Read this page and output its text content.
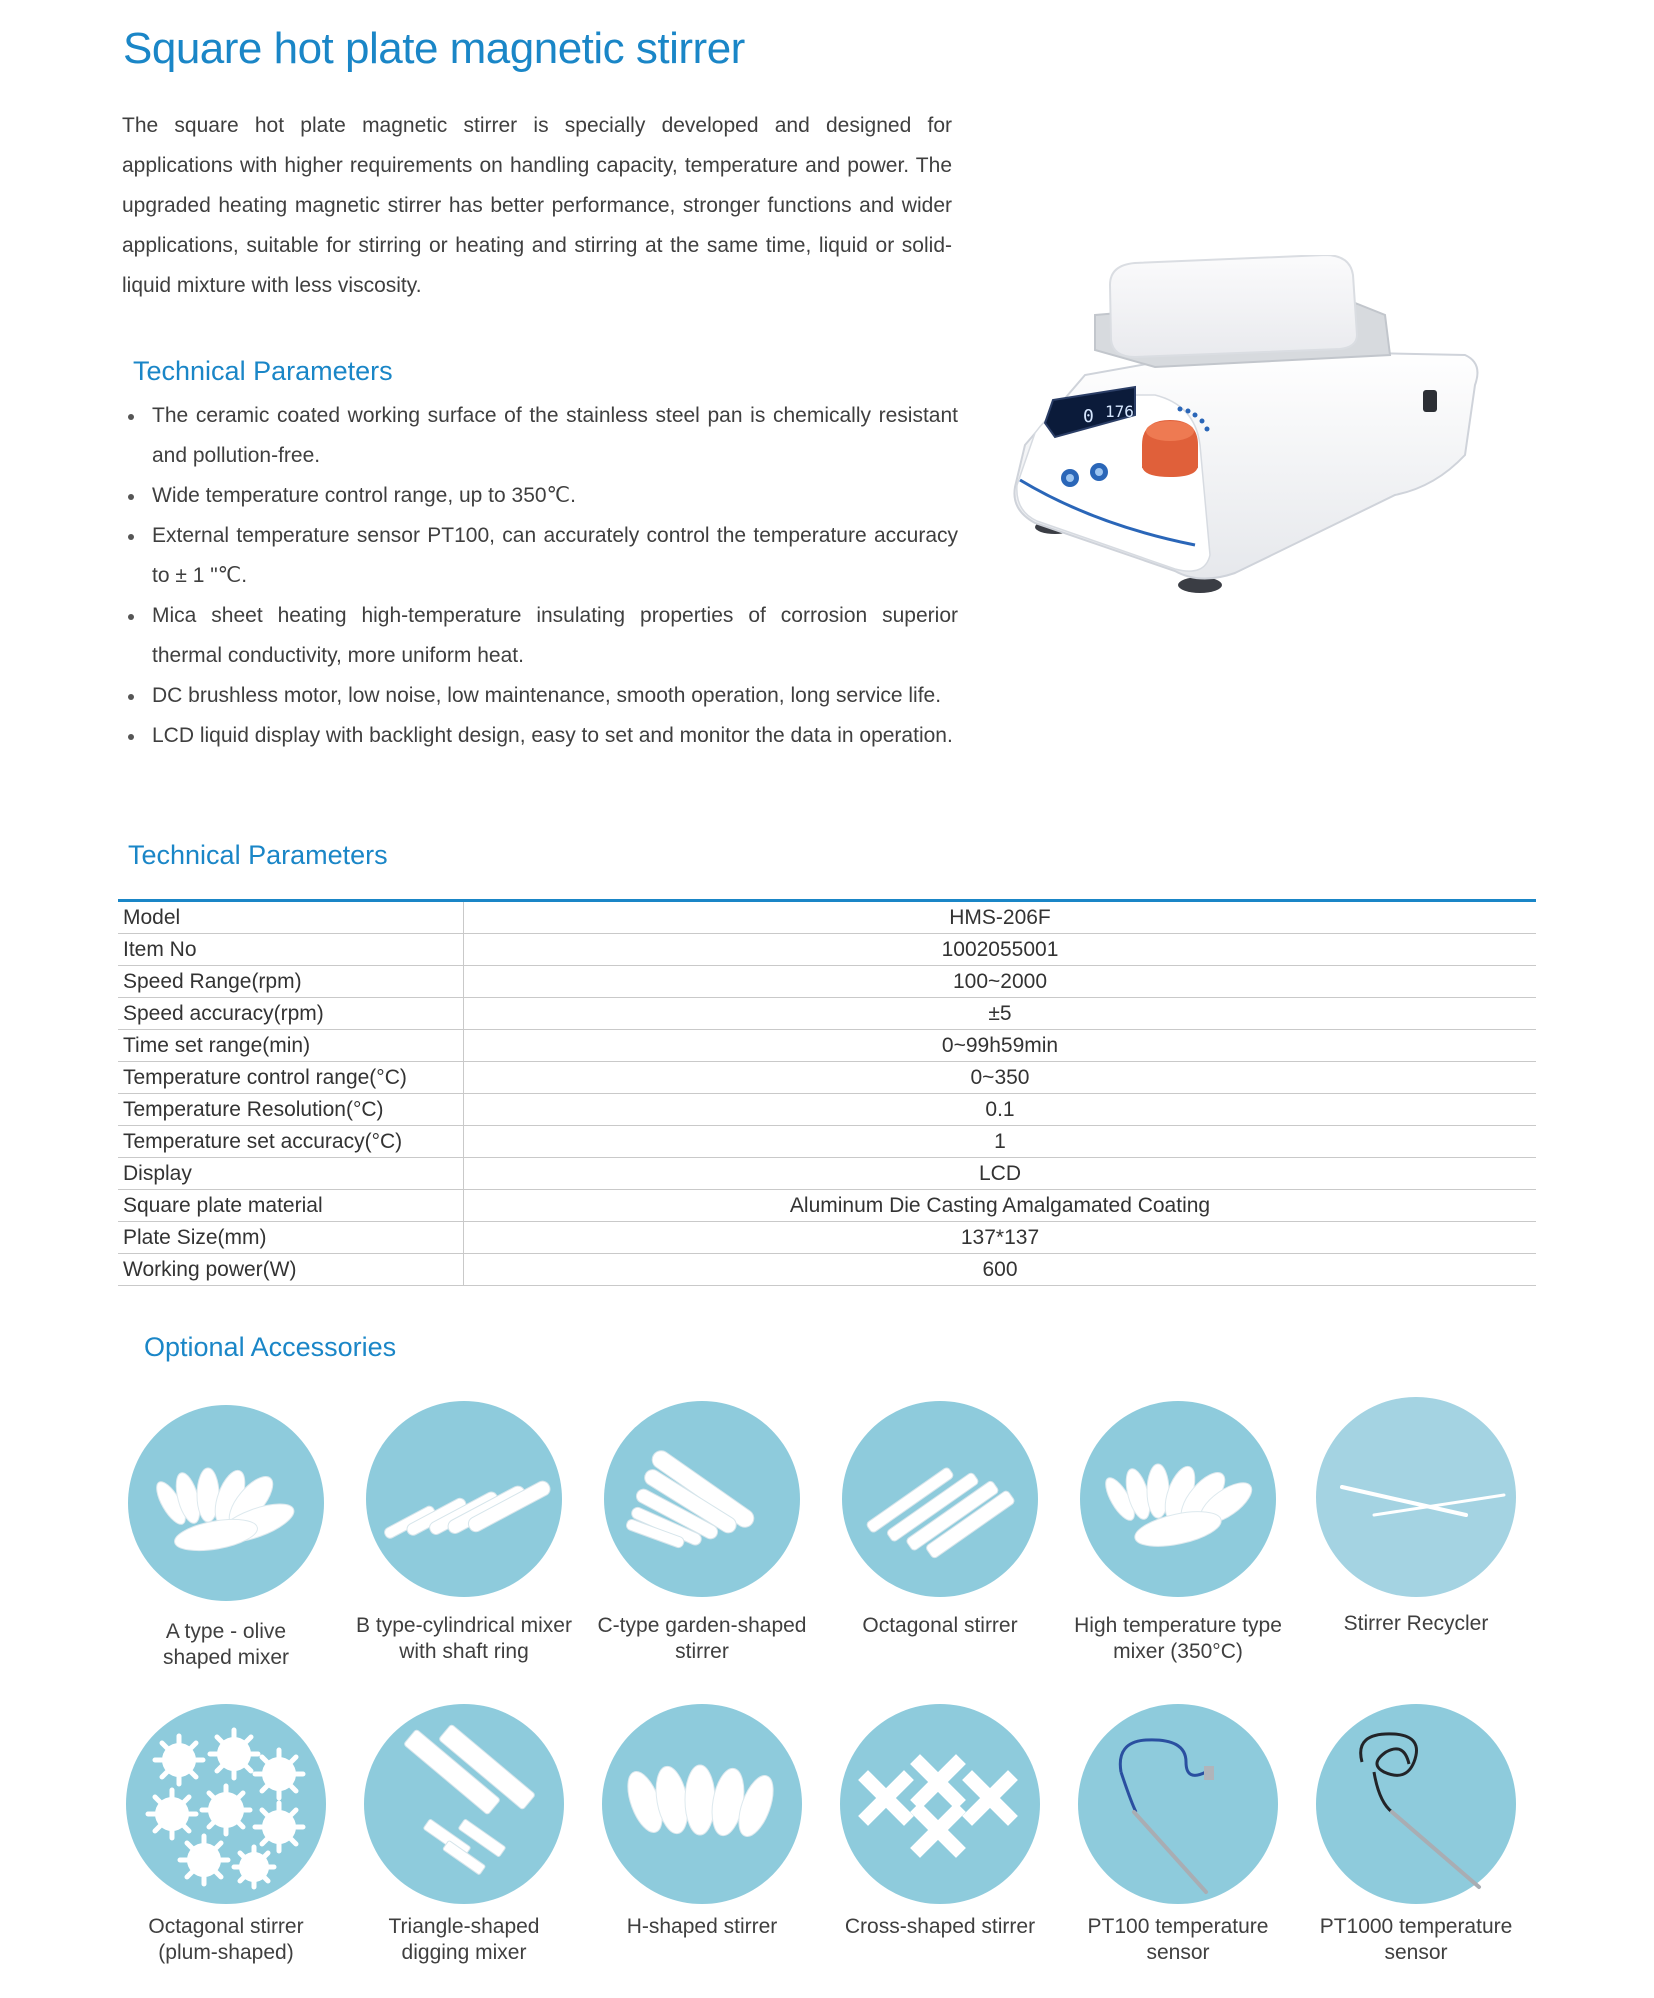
Square hot plate magnetic stirrer

The square hot plate magnetic stirrer is specially developed and designed for applications with higher requirements on handling capacity, temperature and power. The upgraded heating magnetic stirrer has better performance, stronger functions and wider applications, suitable for stirring or heating and stirring at the same time, liquid or solid-liquid mixture with less viscosity.

Technical Parameters
The ceramic coated working surface of the stainless steel pan is chemically resistant and pollution-free.
Wide temperature control range, up to 350℃.
External temperature sensor PT100, can accurately control the temperature accuracy to ± 1 "℃.
Mica sheet heating high-temperature insulating properties of corrosion superior thermal conductivity, more uniform heat.
DC brushless motor, low noise, low maintenance, smooth operation, long service life.
LCD liquid display with backlight design, easy to set and monitor the data in operation.
0 176
Technical Parameters
Model	HMS-206F
Item No	1002055001
Speed Range(rpm)	100~2000
Speed accuracy(rpm)	±5
Time set range(min)	0~99h59min
Temperature control range(°C)	0~350
Temperature Resolution(°C)	0.1
Temperature set accuracy(°C)	1
Display	LCD
Square plate material	Aluminum Die Casting Amalgamated Coating
Plate Size(mm)	137*137
Working power(W)	600
Optional Accessories
A type - olive
shaped mixer
B type-cylindrical mixer
with shaft ring
C-type garden-shaped
stirrer
Octagonal stirrer	High temperature type
mixer (350°C)
Stirrer Recycler
Octagonal stirrer
(plum-shaped)
Triangle-shaped
digging mixer
H-shaped stirrer	Cross-shaped stirrer	PT100 temperature
sensor
PT1000 temperature
sensor
